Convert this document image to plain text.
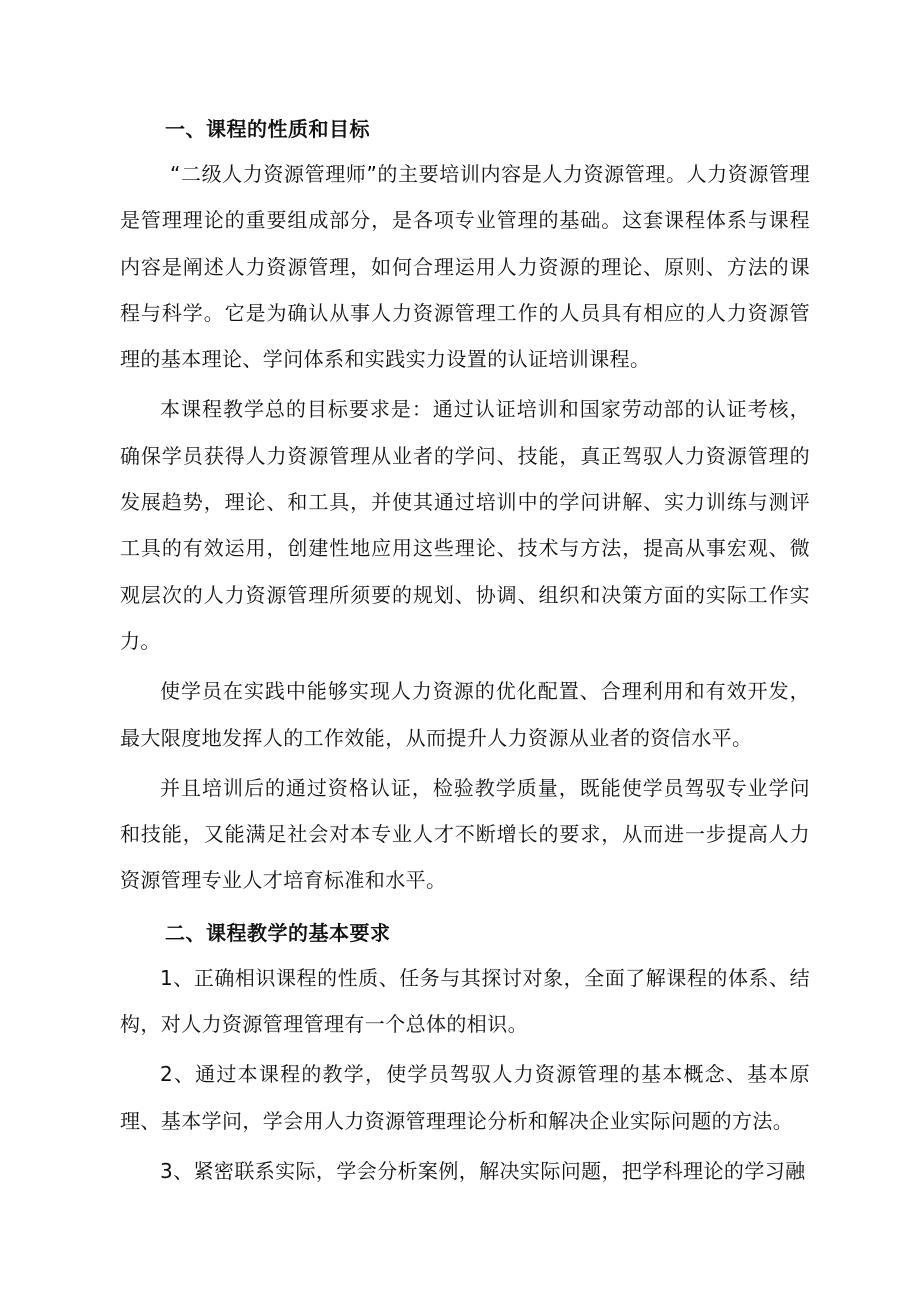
一、课程的性质和目标

“二级人力资源管理师”的主要培训内容是人力资源管理。人力资源管理是管理理论的重要组成部分，是各项专业管理的基础。这套课程体系与课程内容是阐述人力资源管理，如何合理运用人力资源的理论、原则、方法的课程与科学。它是为确认从事人力资源管理工作的人员具有相应的人力资源管理的基本理论、学问体系和实践实力设置的认证培训课程。

本课程教学总的目标要求是：通过认证培训和国家劳动部的认证考核，确保学员获得人力资源管理从业者的学问、技能，真正驾驭人力资源管理的发展趋势，理论、和工具，并使其通过培训中的学问讲解、实力训练与测评工具的有效运用，创建性地应用这些理论、技术与方法，提高从事宏观、微观层次的人力资源管理所须要的规划、协调、组织和决策方面的实际工作实力。

使学员在实践中能够实现人力资源的优化配置、合理利用和有效开发，最大限度地发挥人的工作效能，从而提升人力资源从业者的资信水平。

并且培训后的通过资格认证，检验教学质量，既能使学员驾驭专业学问和技能，又能满足社会对本专业人才不断增长的要求，从而进一步提高人力资源管理专业人才培育标准和水平。

二、课程教学的基本要求

1、正确相识课程的性质、任务与其探讨对象，全面了解课程的体系、结构，对人力资源管理管理有一个总体的相识。

2、通过本课程的教学，使学员驾驭人力资源管理的基本概念、基本原理、基本学问，学会用人力资源管理理论分析和解决企业实际问题的方法。

3、紧密联系实际，学会分析案例，解决实际问题，把学科理论的学习融
